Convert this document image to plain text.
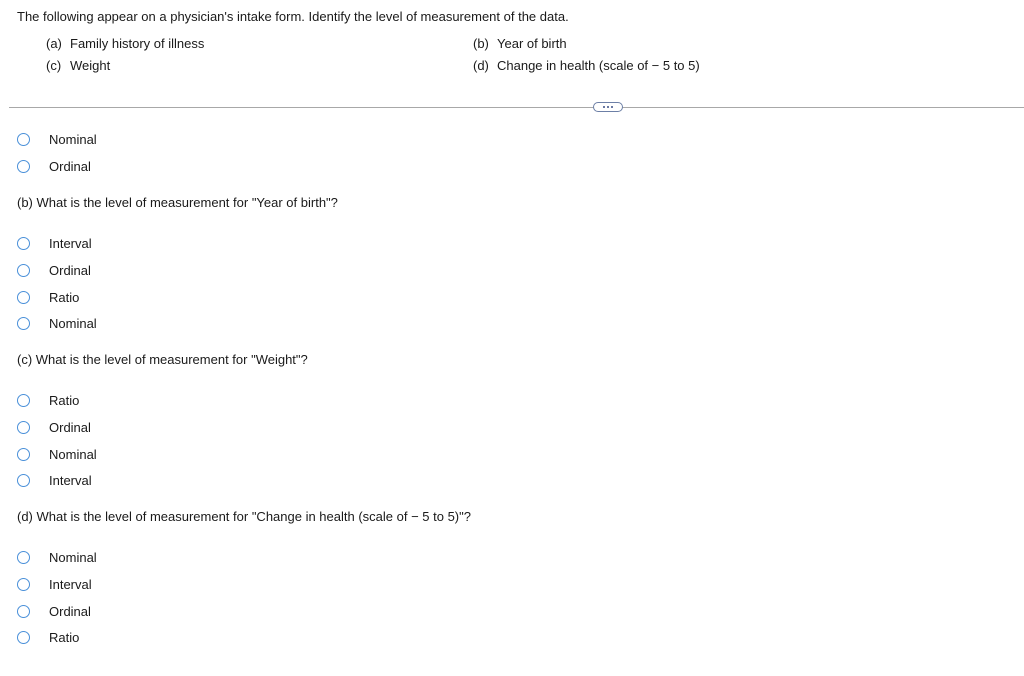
The following appear on a physician's intake form. Identify the level of measurement of the data.
(a) Family history of illness	(b) Year of birth
(c) Weight	(d) Change in health (scale of − 5 to 5)
Nominal
Ordinal
(b) What is the level of measurement for "Year of birth"?
Interval
Ordinal
Ratio
Nominal
(c) What is the level of measurement for "Weight"?
Ratio
Ordinal
Nominal
Interval
(d) What is the level of measurement for "Change in health (scale of − 5 to 5)"?
Nominal
Interval
Ordinal
Ratio
